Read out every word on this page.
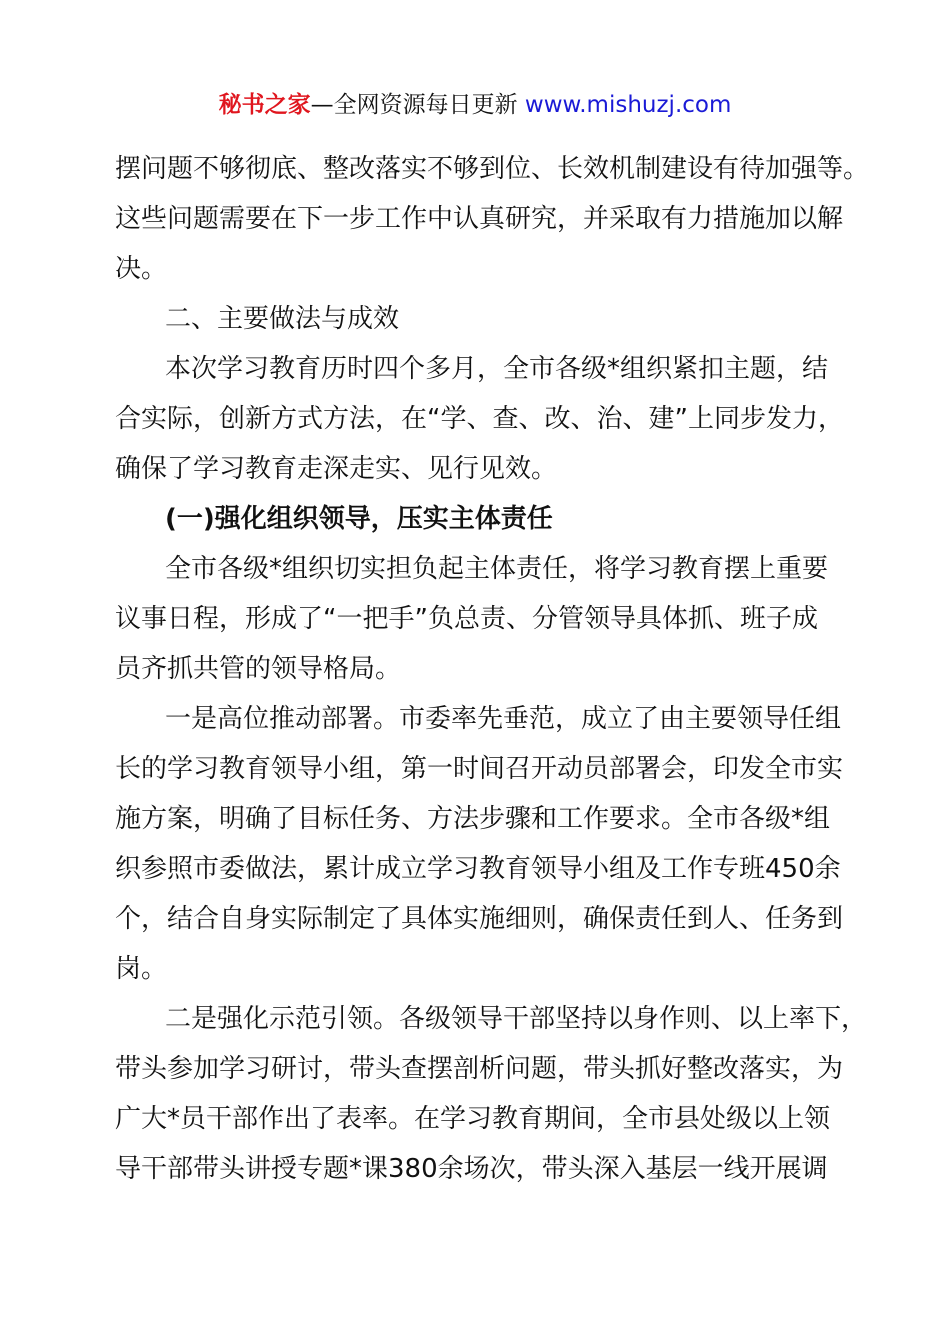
秘书之家—全网资源每日更新 www.mishuzj.com
摆问题不够彻底、整改落实不够到位、长效机制建设有待加强等。
这些问题需要在下一步工作中认真研究，并采取有力措施加以解
决。
二、主要做法与成效
本次学习教育历时四个多月，全市各级*组织紧扣主题，结
合实际，创新方式方法，在“学、查、改、治、建”上同步发力，
确保了学习教育走深走实、见行见效。
(一)强化组织领导，压实主体责任
全市各级*组织切实担负起主体责任，将学习教育摆上重要
议事日程，形成了“一把手”负总责、分管领导具体抓、班子成
员齐抓共管的领导格局。
一是高位推动部署。市委率先垂范，成立了由主要领导任组
长的学习教育领导小组，第一时间召开动员部署会，印发全市实
施方案，明确了目标任务、方法步骤和工作要求。全市各级*组
织参照市委做法，累计成立学习教育领导小组及工作专班450余
个，结合自身实际制定了具体实施细则，确保责任到人、任务到
岗。
二是强化示范引领。各级领导干部坚持以身作则、以上率下，
带头参加学习研讨，带头查摆剖析问题，带头抓好整改落实，为
广大*员干部作出了表率。在学习教育期间，全市县处级以上领
导干部带头讲授专题*课380余场次，带头深入基层一线开展调
